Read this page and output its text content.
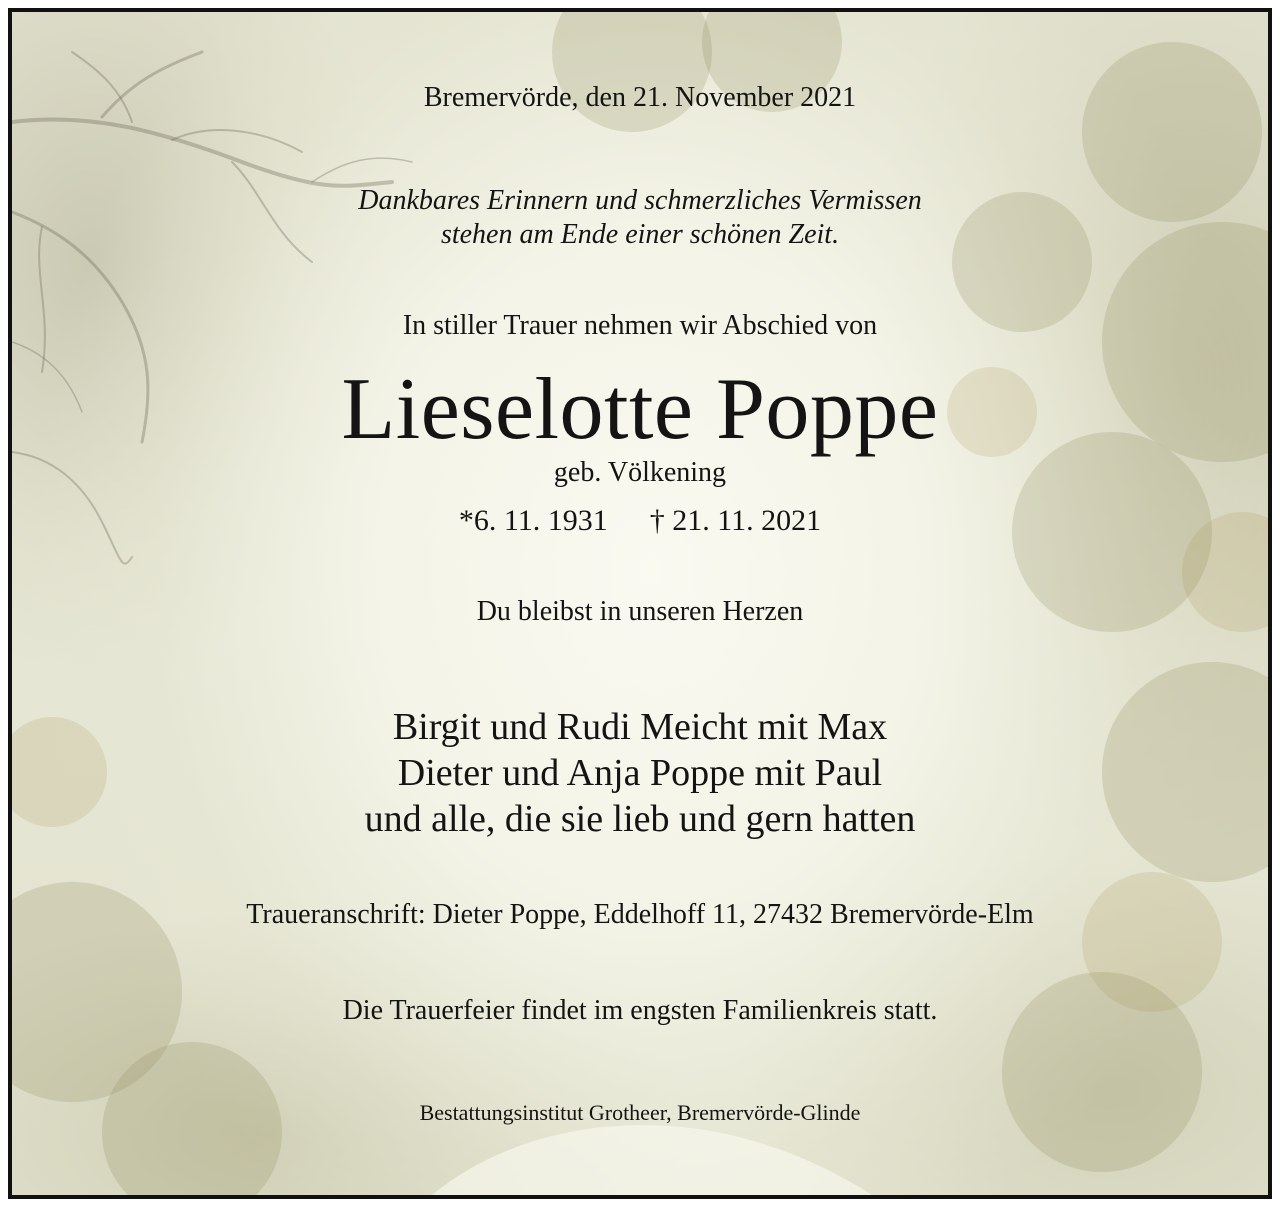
Bremervörde, den 21. November 2021
Dankbares Erinnern und schmerzliches Vermissen
stehen am Ende einer schönen Zeit.
In stiller Trauer nehmen wir Abschied von
Lieselotte Poppe
geb. Völkening
*6. 11. 1931 † 21. 11. 2021
Du bleibst in unseren Herzen
Birgit und Rudi Meicht mit Max
Dieter und Anja Poppe mit Paul
und alle, die sie lieb und gern hatten
Traueranschrift: Dieter Poppe, Eddelhoff 11, 27432 Bremervörde-Elm
Die Trauerfeier findet im engsten Familienkreis statt.
Bestattungsinstitut Grotheer, Bremervörde-Glinde
